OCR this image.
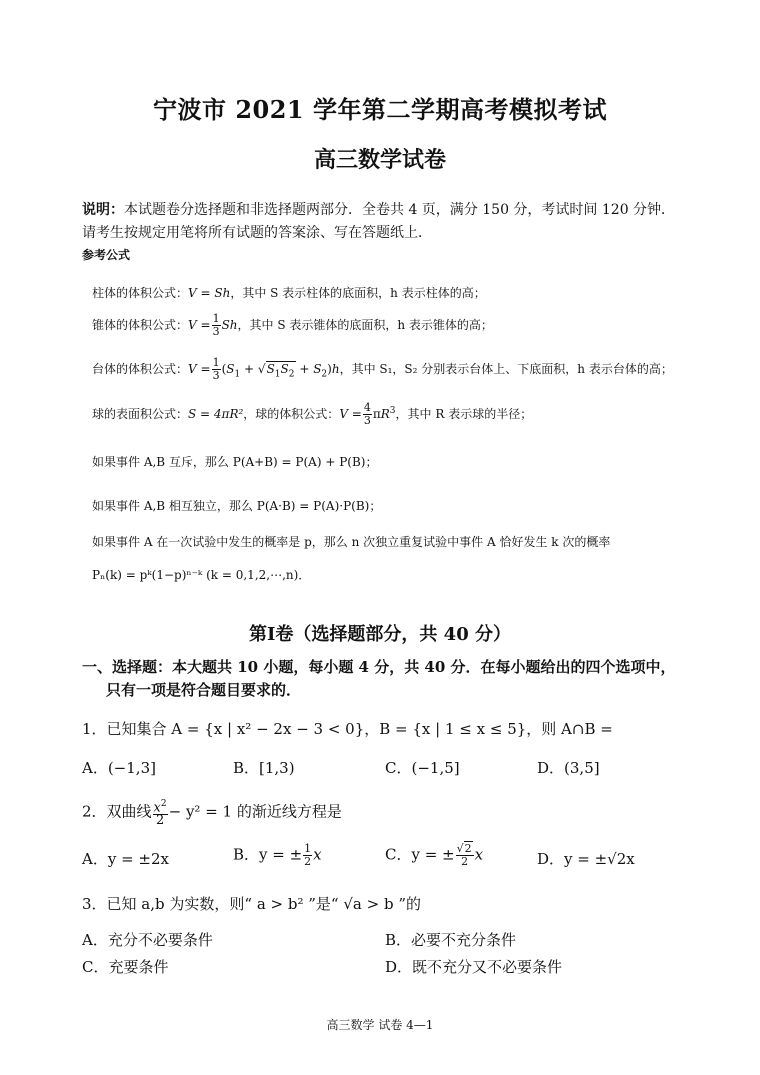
宁波市 2021 学年第二学期高考模拟考试
高三数学试卷
说明：本试题卷分选择题和非选择题两部分．全卷共 4 页，满分 150 分，考试时间 120 分钟．请考生按规定用笔将所有试题的答案涂、写在答题纸上．
参考公式
柱体的体积公式：V = Sh，其中 S 表示柱体的底面积，h 表示柱体的高；
锥体的体积公式：$V = \frac{1}{3}$ Sh，其中 S 表示锥体的底面积，h 表示锥体的高；
台体的体积公式：$V = \frac{1}{3} (S_1 + √S_1S_2 + S_2)h$，其中 S₁，S₂ 分别表示台体上、下底面积，h 表示台体的高；
球的表面积公式：S = 4πR²，球的体积公式：$V = \frac{4}{3} \pi R^3$，其中 R 表示球的半径；
如果事件 A,B 互斥，那么 P(A+B) = P(A) + P(B)；
如果事件 A,B 相互独立，那么 P(A·B) = P(A)·P(B)；
如果事件 A 在一次试验中发生的概率是 p，那么 n 次独立重复试验中事件 A 恰好发生 k 次的概率
Pₙ(k) = pᵏ(1−p)ⁿ⁻ᵏ (k = 0,1,2,⋯,n)．
第Ⅰ卷（选择题部分，共 40 分）
一、选择题：本大题共 10 小题，每小题 4 分，共 40 分．在每小题给出的四个选项中，
只有一项是符合题目要求的．
1．已知集合 A = {x | x² − 2x − 3 < 0}，B = {x | 1 ≤ x ≤ 5}，则 A∩B =
A．(−1,3]	B．[1,3)	C．(−1,5]	D．(3,5]
2．双曲线 $\frac{x^2}{2} - y^2 = 1$ 的渐近线方程是
A．y = ±2x	B．y = ± $\frac{1}{2}$ x	C．y = ± $\frac{√2}{2}$ x	D．y = ±√2x
3．已知 a,b 为实数，则“ a > b² ”是“ √a > b ”的
A．充分不必要条件	B．必要不充分条件
C．充要条件	D．既不充分又不必要条件
高三数学 试卷 4—1
